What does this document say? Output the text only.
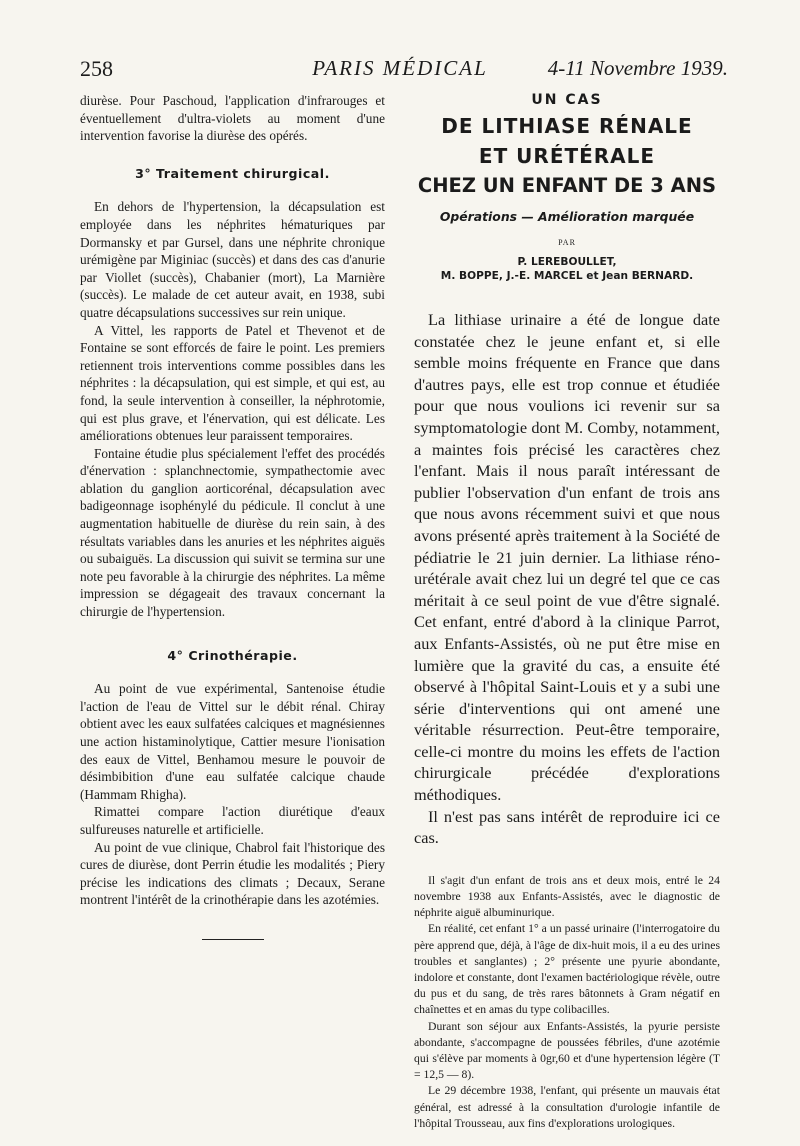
258	PARIS MÉDICAL	4-11 Novembre 1939.

diurèse. Pour Paschoud, l'application d'infrarouges et éventuellement d'ultra-violets au moment d'une intervention favorise la diurèse des opérés.

3° Traitement chirurgical.

En dehors de l'hypertension, la décapsulation est employée dans les néphrites hématuriques par Dormansky et par Gursel, dans une néphrite chronique urémigène par Miginiac (succès) et dans des cas d'anurie par Viollet (succès), Chabanier (mort), La Marnière (succès). Le malade de cet auteur avait, en 1938, subi quatre décapsulations successives sur rein unique.

A Vittel, les rapports de Patel et Thevenot et de Fontaine se sont efforcés de faire le point. Les premiers retiennent trois interventions comme possibles dans les néphrites : la décapsulation, qui est simple, et qui est, au fond, la seule intervention à conseiller, la néphrotomie, qui est plus grave, et l'énervation, qui est délicate. Les améliorations obtenues leur paraissent temporaires.

Fontaine étudie plus spécialement l'effet des procédés d'énervation : splanchnectomie, sympathectomie avec ablation du ganglion aorticorénal, décapsulation avec badigeonnage isophénylé du pédicule. Il conclut à une augmentation habituelle de diurèse du rein sain, à des résultats variables dans les anuries et les néphrites aiguës ou subaiguës. La discussion qui suivit se termina sur une note peu favorable à la chirurgie des néphrites. La même impression se dégageait des travaux concernant la chirurgie de l'hypertension.

4° Crinothérapie.

Au point de vue expérimental, Santenoise étudie l'action de l'eau de Vittel sur le débit rénal. Chiray obtient avec les eaux sulfatées calciques et magnésiennes une action histaminolytique, Cattier mesure l'ionisation des eaux de Vittel, Benhamou mesure le pouvoir de désimbibition d'une eau sulfatée calcique chaude (Hammam Rhigha).

Rimattei compare l'action diurétique d'eaux sulfureuses naturelle et artificielle.

Au point de vue clinique, Chabrol fait l'historique des cures de diurèse, dont Perrin étudie les modalités ; Piery précise les indications des climats ; Decaux, Serane montrent l'intérêt de la crinothérapie dans les azotémies.

UN CAS
DE LITHIASE RÉNALE
ET URÉTÉRALE
CHEZ UN ENFANT DE 3 ANS
Opérations — Amélioration marquée
PAR
P. LEREBOULLET,
M. BOPPE, J.-E. MARCEL et Jean BERNARD.

La lithiase urinaire a été de longue date constatée chez le jeune enfant et, si elle semble moins fréquente en France que dans d'autres pays, elle est trop connue et étudiée pour que nous voulions ici revenir sur sa symptomatologie dont M. Comby, notamment, a maintes fois précisé les caractères chez l'enfant. Mais il nous paraît intéressant de publier l'observation d'un enfant de trois ans que nous avons récemment suivi et que nous avons présenté après traitement à la Société de pédiatrie le 21 juin dernier. La lithiase réno-urétérale avait chez lui un degré tel que ce cas méritait à ce seul point de vue d'être signalé. Cet enfant, entré d'abord à la clinique Parrot, aux Enfants-Assistés, où ne put être mise en lumière que la gravité du cas, a ensuite été observé à l'hôpital Saint-Louis et y a subi une série d'interventions qui ont amené une véritable résurrection. Peut-être temporaire, celle-ci montre du moins les effets de l'action chirurgicale précédée d'explorations méthodiques.

Il n'est pas sans intérêt de reproduire ici ce cas.

Il s'agit d'un enfant de trois ans et deux mois, entré le 24 novembre 1938 aux Enfants-Assistés, avec le diagnostic de néphrite aiguë albuminurique.

En réalité, cet enfant 1° a un passé urinaire (l'interrogatoire du père apprend que, déjà, à l'âge de dix-huit mois, il a eu des urines troubles et sanglantes) ; 2° présente une pyurie abondante, indolore et constante, dont l'examen bactériologique révèle, outre du pus et du sang, de très rares bâtonnets à Gram négatif en chaînettes et en amas du type colibacilles.

Durant son séjour aux Enfants-Assistés, la pyurie persiste abondante, s'accompagne de poussées fébriles, d'une azotémie qui s'élève par moments à 0gr,60 et d'une hypertension légère (T = 12,5 — 8).

Le 29 décembre 1938, l'enfant, qui présente un mauvais état général, est adressé à la consultation d'urologie infantile de l'hôpital Trousseau, aux fins d'explorations urologiques.
